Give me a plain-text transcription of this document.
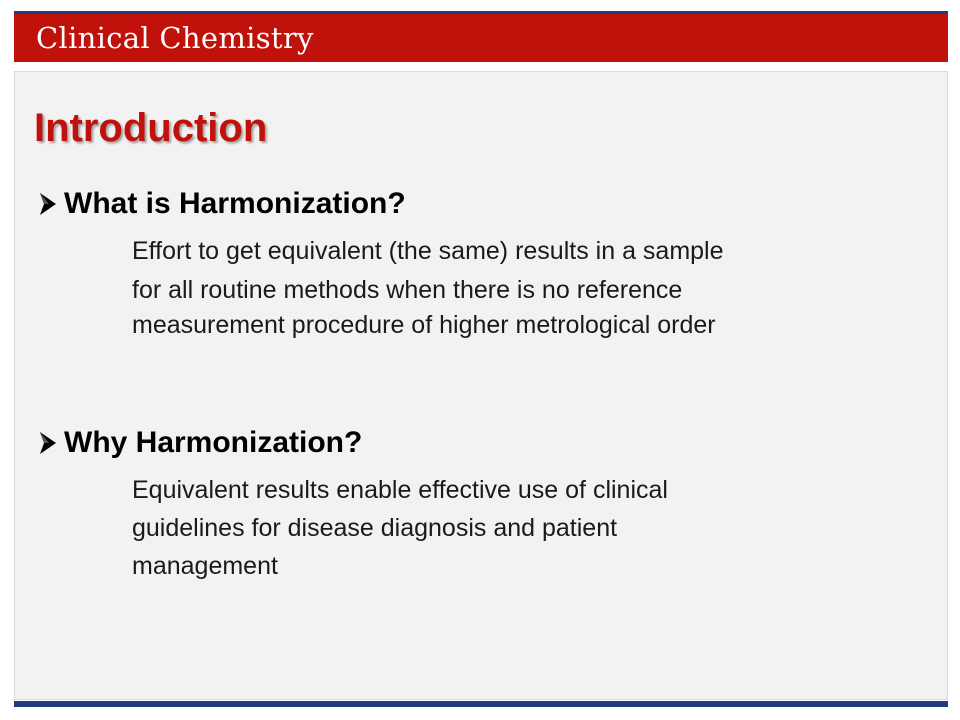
Clinical Chemistry
Introduction
What is Harmonization?
Effort to get equivalent (the same) results in a sample
for all routine methods when there is no reference
measurement procedure of higher metrological order
Why Harmonization?
Equivalent results enable effective use of clinical
guidelines for disease diagnosis and patient
management
